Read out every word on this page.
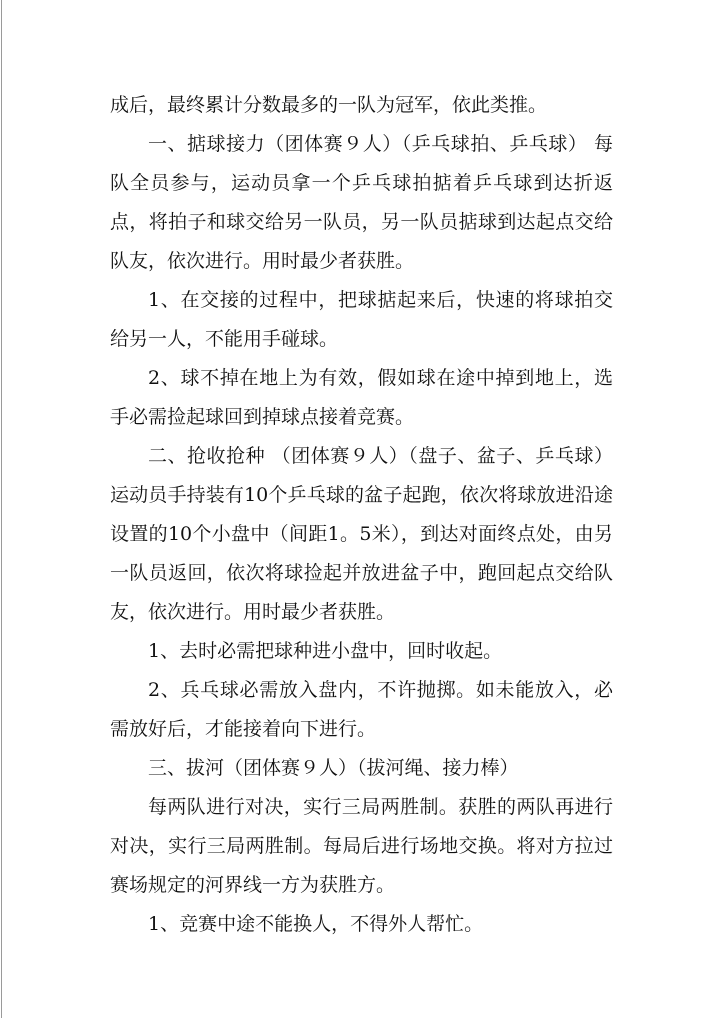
成后，最终累计分数最多的一队为冠军，依此类推。

一、掂球接力（团体赛９人）（乒乓球拍、乒乓球） 每队全员参与，运动员拿一个乒乓球拍掂着乒乓球到达折返点，将拍子和球交给另一队员，另一队员掂球到达起点交给队友，依次进行。用时最少者获胜。

1、在交接的过程中，把球掂起来后，快速的将球拍交给另一人，不能用手碰球。

2、球不掉在地上为有效，假如球在途中掉到地上，选手必需捡起球回到掉球点接着竞赛。

二、抢收抢种 （团体赛９人）（盘子、盆子、乒乓球）运动员手持装有10个乒乓球的盆子起跑，依次将球放进沿途设置的10个小盘中（间距1。5米），到达对面终点处，由另一队员返回，依次将球捡起并放进盆子中，跑回起点交给队友，依次进行。用时最少者获胜。

1、去时必需把球种进小盘中，回时收起。

2、兵乓球必需放入盘内，不许抛掷。如未能放入，必需放好后，才能接着向下进行。

三、拔河（团体赛９人）（拔河绳、接力棒）

每两队进行对决，实行三局两胜制。获胜的两队再进行对决，实行三局两胜制。每局后进行场地交换。将对方拉过赛场规定的河界线一方为获胜方。

1、竞赛中途不能换人，不得外人帮忙。
